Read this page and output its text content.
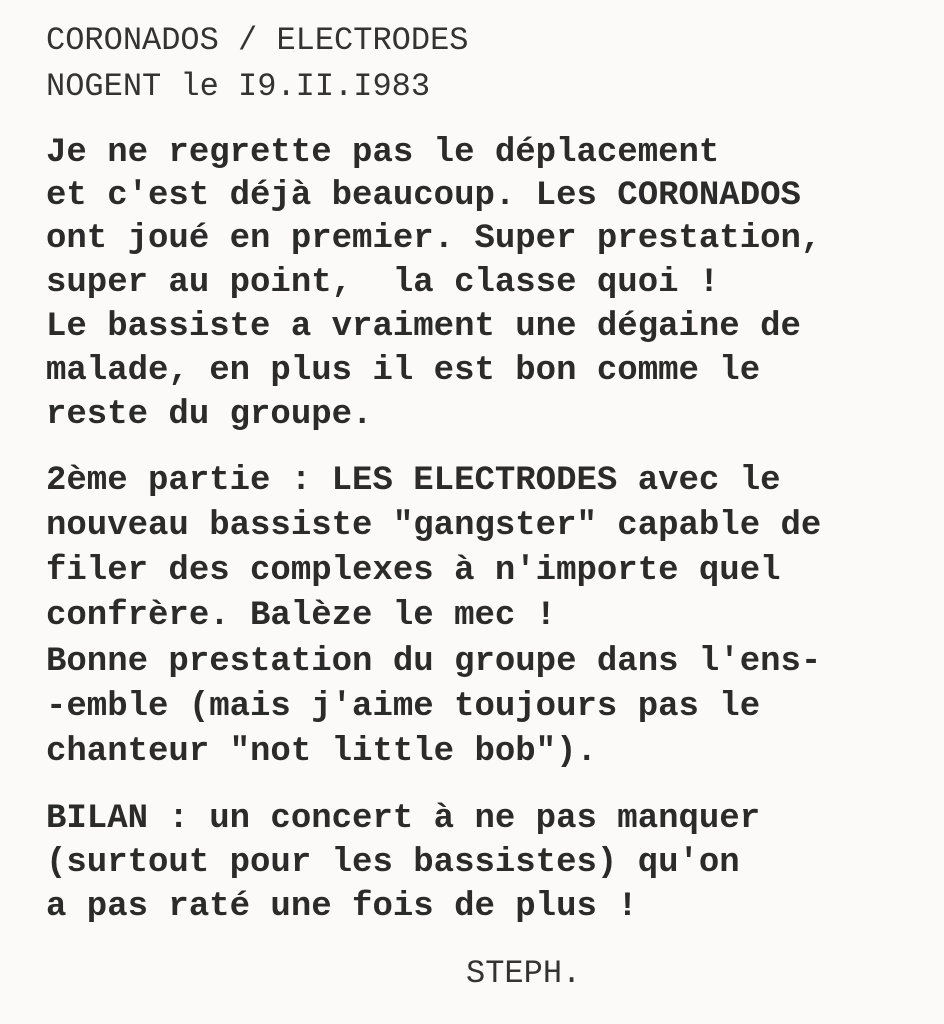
CORONADOS / ELECTRODES
NOGENT le I9.II.I983
Je ne regrette pas le déplacement
et c'est déjà beaucoup. Les CORONADOS
ont joué en premier. Super prestation,
super au point,  la classe quoi !
Le bassiste a vraiment une dégaine de
malade, en plus il est bon comme le
reste du groupe.
2ème partie : LES ELECTRODES avec le
nouveau bassiste "gangster" capable de
filer des complexes à n'importe quel
confrère. Balèze le mec !
Bonne prestation du groupe dans l'ens-
-emble (mais j'aime toujours pas le
chanteur "not little bob").
BILAN : un concert à ne pas manquer
(surtout pour les bassistes) qu'on
a pas raté une fois de plus !
STEPH.
